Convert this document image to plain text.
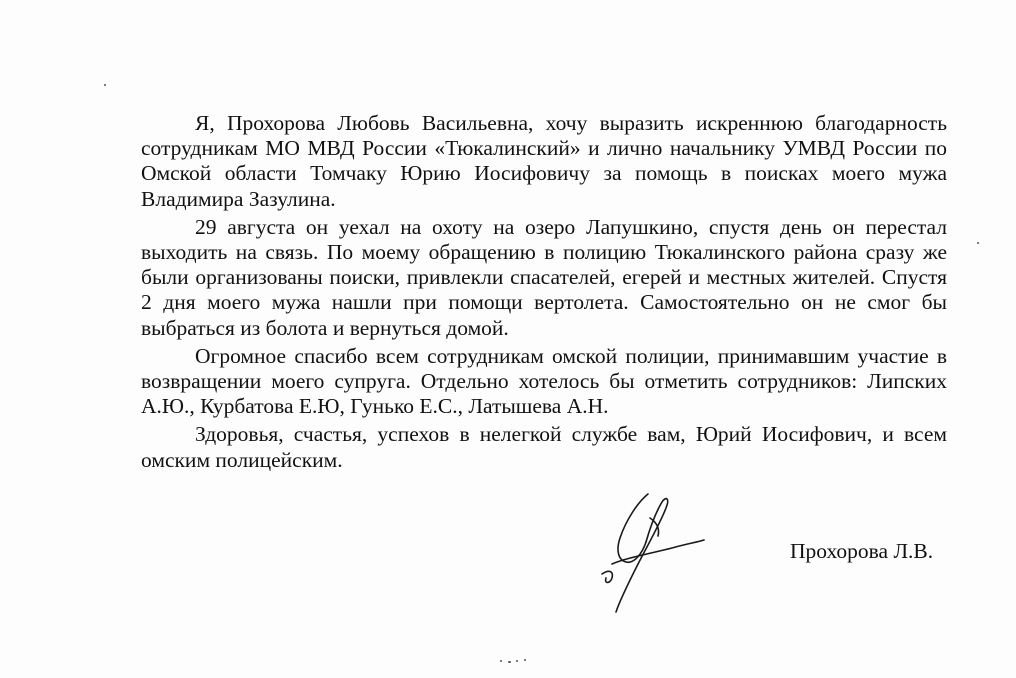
Я, Прохорова Любовь Васильевна, хочу выразить искреннюю благодарность сотрудникам МО МВД России «Тюкалинский» и лично начальнику УМВД России по Омской области Томчаку Юрию Иосифовичу за помощь в поисках моего мужа Владимира Зазулина.

29 августа он уехал на охоту на озеро Лапушкино, спустя день он перестал выходить на связь. По моему обращению в полицию Тюкалинского района сразу же были организованы поиски, привлекли спасателей, егерей и местных жителей. Спустя 2 дня моего мужа нашли при помощи вертолета. Самостоятельно он не смог бы выбраться из болота и вернуться домой.

Огромное спасибо всем сотрудникам омской полиции, принимавшим участие в возвращении моего супруга. Отдельно хотелось бы отметить сотрудников: Липских А.Ю., Курбатова Е.Ю, Гунько Е.С., Латышева А.Н.

Здоровья, счастья, успехов в нелегкой службе вам, Юрий Иосифович, и всем омским полицейским.

Прохорова Л.В.
